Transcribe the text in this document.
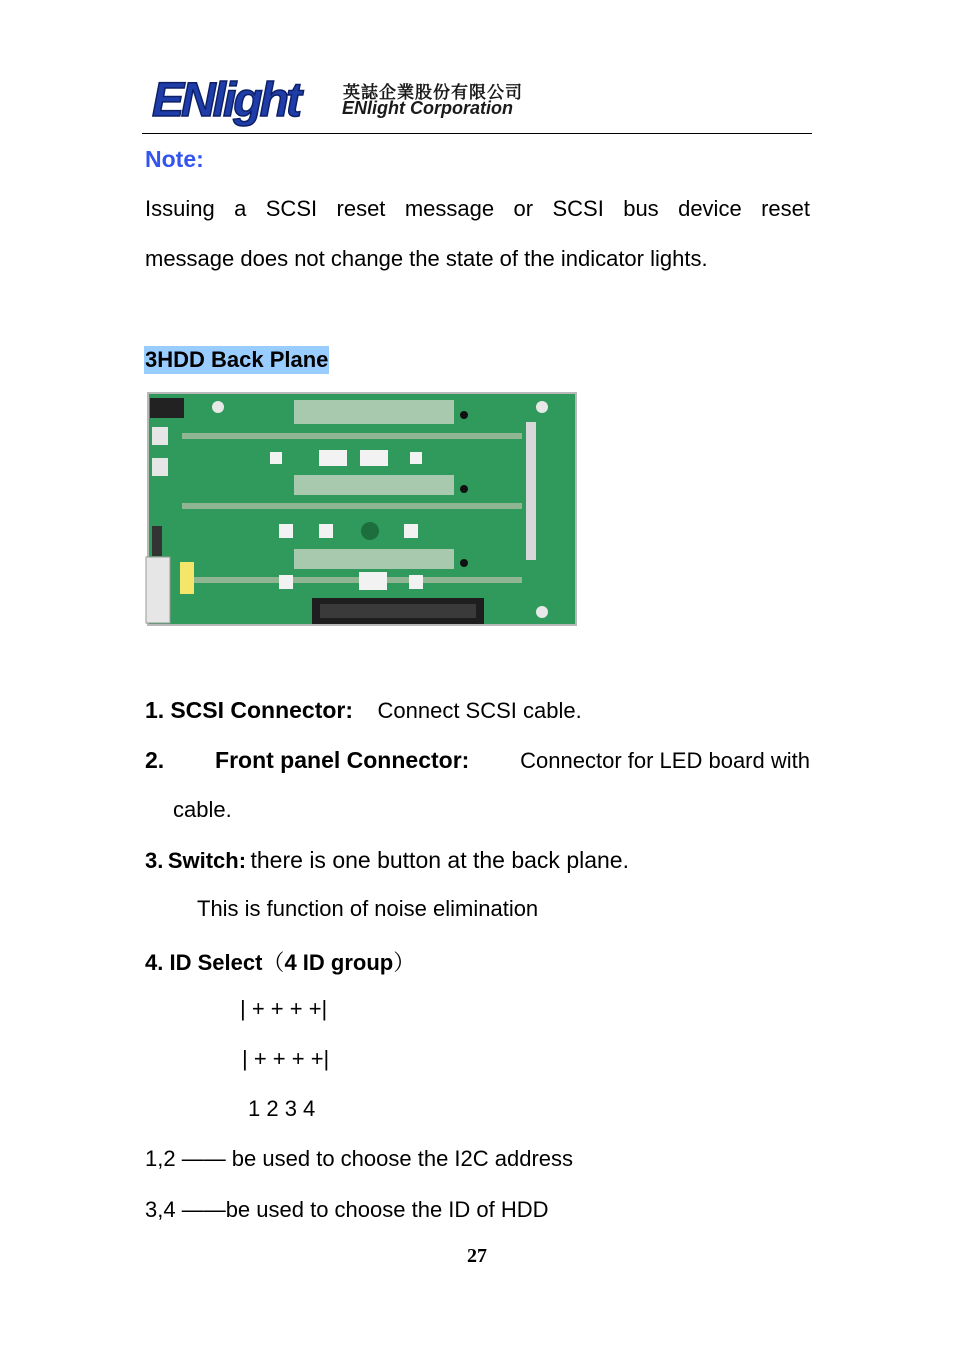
ENlight	英誌企業股份有限公司
ENlight Corporation
Note:
Issuing a SCSI reset message or SCSI bus device reset
message does not change the state of the indicator lights.
3HDD Back Plane
1. SCSI Connector: Connect SCSI cable.
2. Front panel Connector: Connector for LED board with
cable.
3. Switch: there is one button at the back plane.
This is function of noise elimination
4. ID Select（4 ID group）
| + + + +|
| + + + +|
1 2 3 4
1,2 —— be used to choose the I2C address
3,4 ——be used to choose the ID of HDD
27
